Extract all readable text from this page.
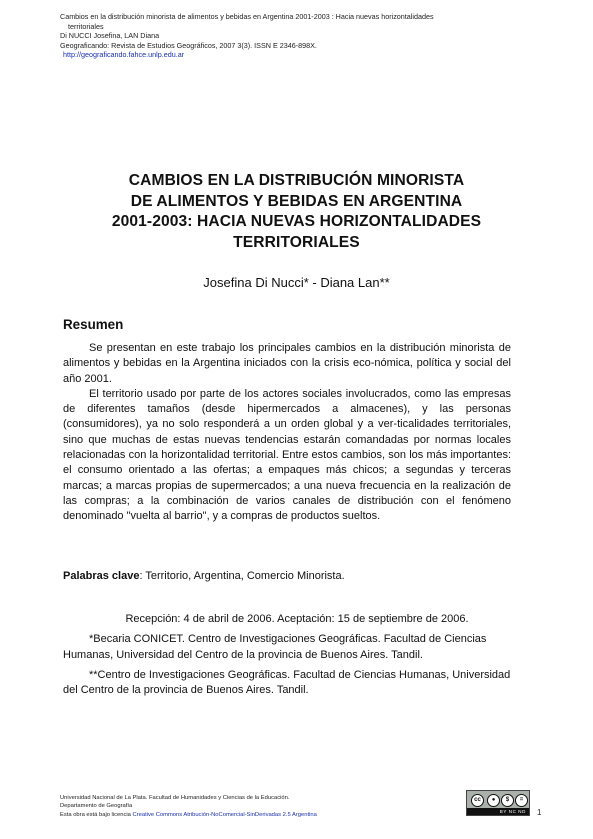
Cambios en la distribución minorista de alimentos y bebidas en Argentina 2001-2003 : Hacia nuevas horizontalidades
territoriales
Di NUCCI Josefina, LAN Diana
Geograficando: Revista de Estudios Geográficos, 2007 3(3). ISSN E 2346-898X.
http://geograficando.fahce.unlp.edu.ar
CAMBIOS EN LA DISTRIBUCIÓN MINORISTA
DE ALIMENTOS Y BEBIDAS EN ARGENTINA
2001-2003: HACIA NUEVAS HORIZONTALIDADES
TERRITORIALES
Josefina Di Nucci* - Diana Lan**
Resumen

Se presentan en este trabajo los principales cambios en la distribución minorista de alimentos y bebidas en la Argentina iniciados con la crisis eco-nómica, política y social del año 2001.

El territorio usado por parte de los actores sociales involucrados, como las empresas de diferentes tamaños (desde hipermercados a almacenes), y las personas (consumidores), ya no solo responderá a un orden global y a ver-ticalidades territoriales, sino que muchas de estas nuevas tendencias estarán comandadas por normas locales relacionadas con la horizontalidad territorial. Entre estos cambios, son los más importantes: el consumo orientado a las ofertas; a empaques más chicos; a segundas y terceras marcas; a marcas propias de supermercados; a una nueva frecuencia en la realización de las compras; a la combinación de varios canales de distribución con el fenómeno denominado "vuelta al barrio", y a compras de productos sueltos.

Palabras clave: Territorio, Argentina, Comercio Minorista.

Recepción: 4 de abril de 2006. Aceptación: 15 de septiembre de 2006.

*Becaria CONICET. Centro de Investigaciones Geográficas. Facultad de Ciencias Humanas, Universidad del Centro de la provincia de Buenos Aires. Tandil.

**Centro de Investigaciones Geográficas. Facultad de Ciencias Humanas, Universidad del Centro de la provincia de Buenos Aires. Tandil.

Universidad Nacional de La Plata. Facultad de Humanidades y Ciencias de la Educación.
Departamento de Geografía
Esta obra está bajo licencia Creative Commons Atribución-NoComercial-SinDerivadas 2.5 Argentina
cc	●	$	=
BY NC ND	1
